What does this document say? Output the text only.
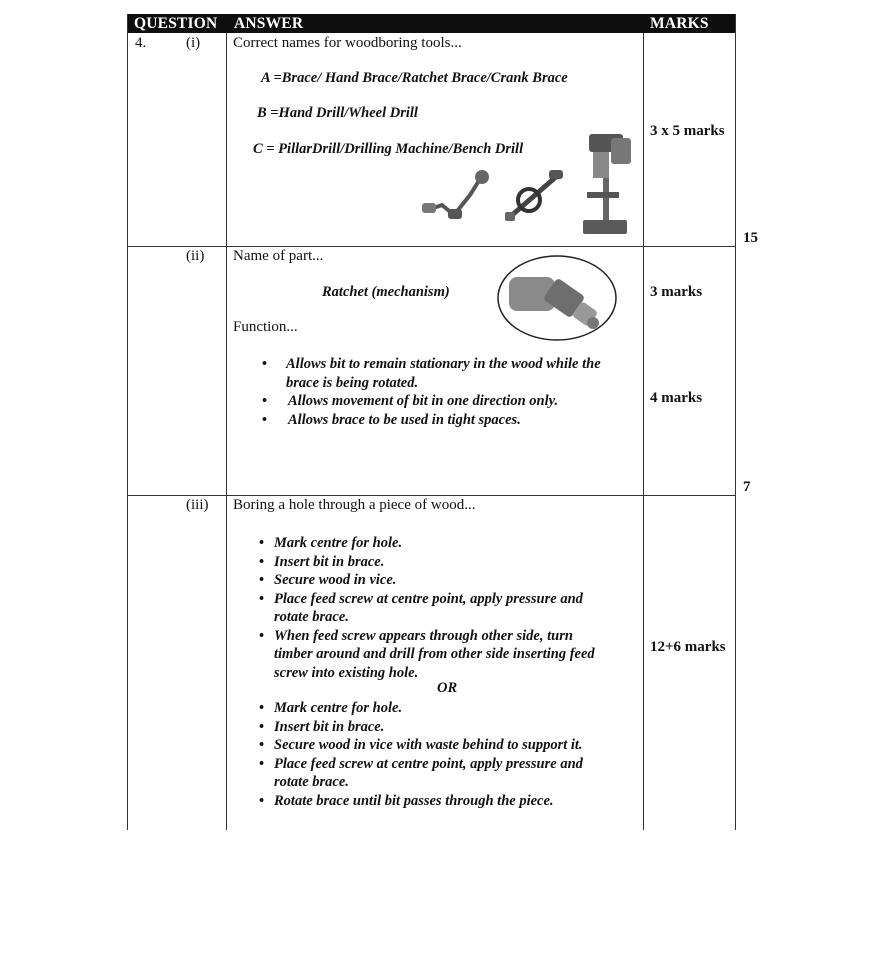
QUESTION ANSWER	MARKS
4.	(i) Correct names for woodboring tools...
A =Brace/ Hand Brace/Ratchet Brace/Crank Brace
B =Hand Drill/Wheel Drill
C = PillarDrill/Drilling Machine/Bench Drill
3 x 5 marks
15
(ii) Name of part...
Ratchet (mechanism)
Function...
3 marks
4 marks
7
• Allows bit to remain stationary in the wood while the
brace is being rotated.
• Allows movement of bit in one direction only.
• Allows brace to be used in tight spaces.
(iii) Boring a hole through a piece of wood...
12+6 marks
• Mark centre for hole.
• Insert bit in brace.
• Secure wood in vice.
• Place feed screw at centre point, apply pressure and
rotate brace.
• When feed screw appears through other side, turn
timber around and drill from other side inserting feed
screw into existing hole.
OR
• Mark centre for hole.
• Insert bit in brace.
• Secure wood in vice with waste behind to support it.
• Place feed screw at centre point, apply pressure and
rotate brace.
• Rotate brace until bit passes through the piece.
